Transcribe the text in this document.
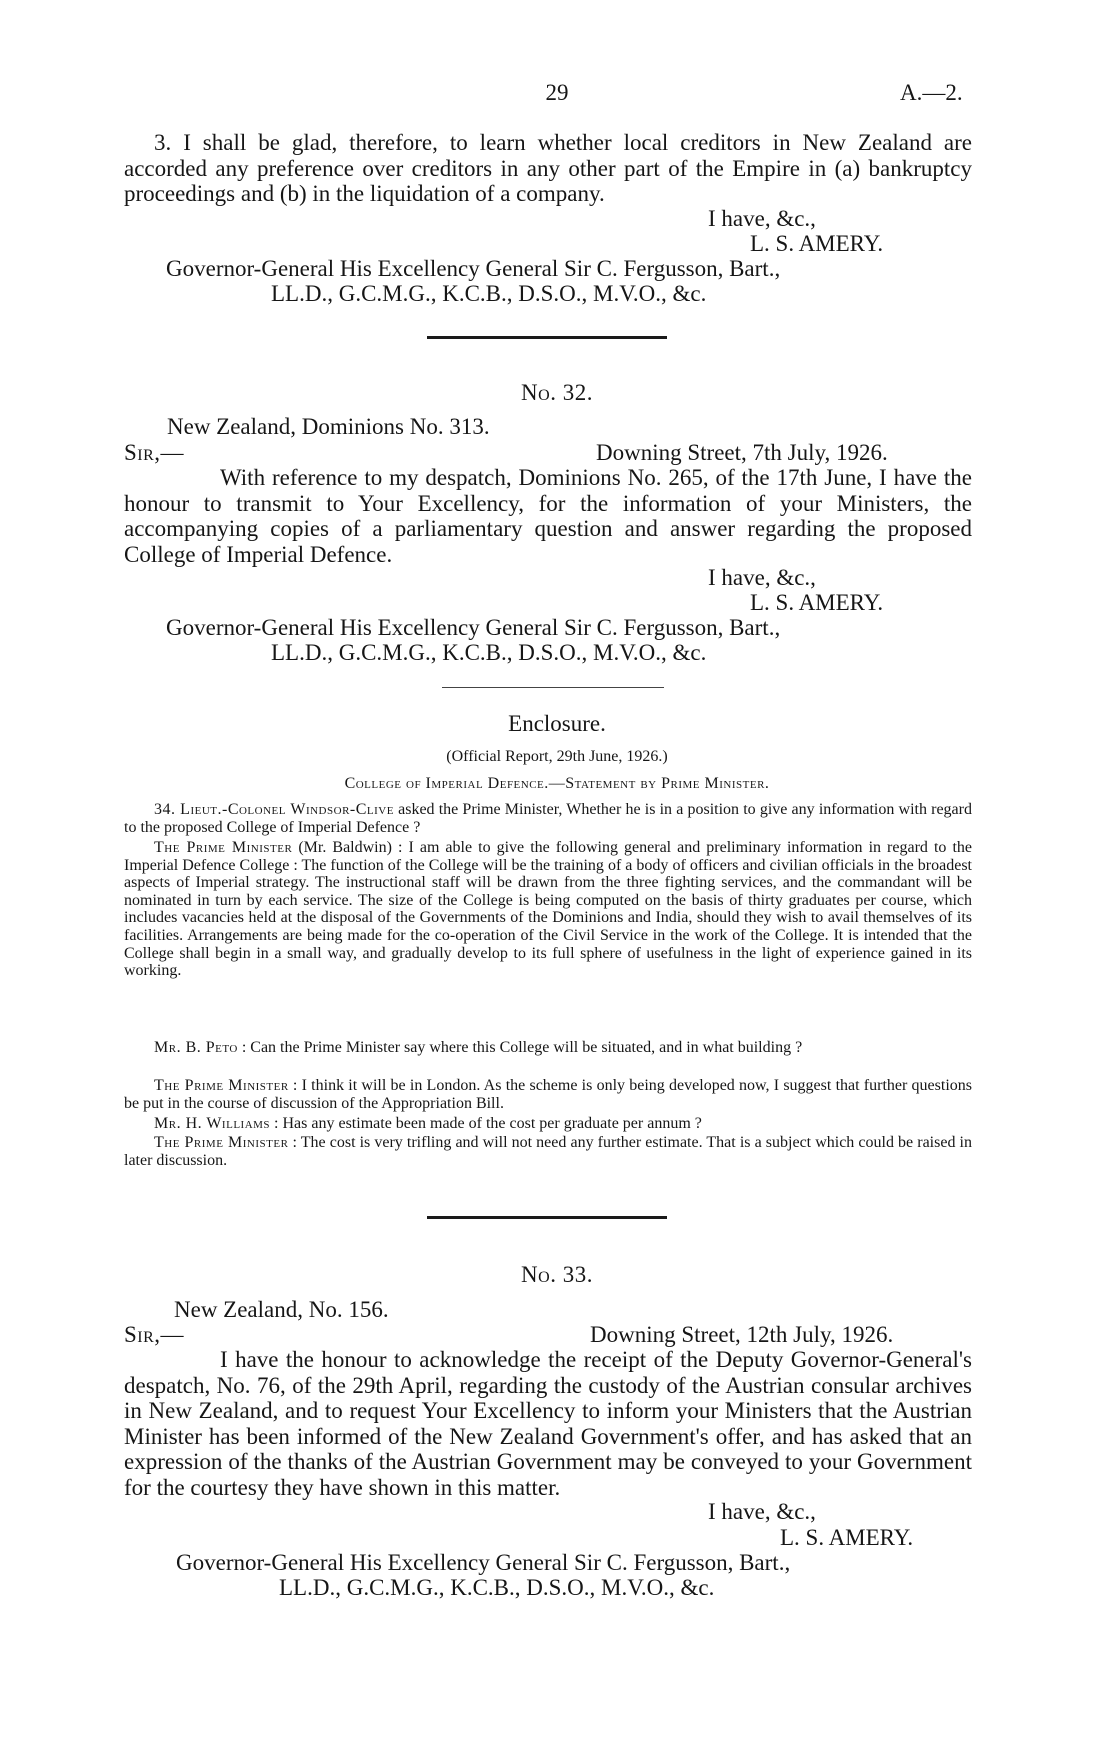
29	A.—2.
3. I shall be glad, therefore, to learn whether local creditors in New Zealand are accorded any preference over creditors in any other part of the Empire in (a) bankruptcy proceedings and (b) in the liquidation of a company.
I have, &c.,
L. S. AMERY.
Governor-General His Excellency General Sir C. Fergusson, Bart.,
LL.D., G.C.M.G., K.C.B., D.S.O., M.V.O., &c.
No. 32.
New Zealand, Dominions No. 313.
Sir,—	Downing Street, 7th July, 1926.
With reference to my despatch, Dominions No. 265, of the 17th June, I have the honour to transmit to Your Excellency, for the information of your Ministers, the accompanying copies of a parliamentary question and answer regarding the proposed College of Imperial Defence.
I have, &c.,
L. S. AMERY.
Governor-General His Excellency General Sir C. Fergusson, Bart.,
LL.D., G.C.M.G., K.C.B., D.S.O., M.V.O., &c.
Enclosure.
(Official Report, 29th June, 1926.)
College of Imperial Defence.—Statement by Prime Minister.
34. Lieut.-Colonel Windsor-Clive asked the Prime Minister, Whether he is in a position to give any information with regard to the proposed College of Imperial Defence ?
The Prime Minister (Mr. Baldwin) : I am able to give the following general and preliminary information in regard to the Imperial Defence College : The function of the College will be the training of a body of officers and civilian officials in the broadest aspects of Imperial strategy. The instructional staff will be drawn from the three fighting services, and the commandant will be nominated in turn by each service. The size of the College is being computed on the basis of thirty graduates per course, which includes vacancies held at the disposal of the Governments of the Dominions and India, should they wish to avail themselves of its facilities. Arrangements are being made for the co-operation of the Civil Service in the work of the College. It is intended that the College shall begin in a small way, and gradually develop to its full sphere of usefulness in the light of experience gained in its working.
Mr. B. Peto : Can the Prime Minister say where this College will be situated, and in what building ?
The Prime Minister : I think it will be in London. As the scheme is only being developed now, I suggest that further questions be put in the course of discussion of the Appropriation Bill.
Mr. H. Williams : Has any estimate been made of the cost per graduate per annum ?
The Prime Minister : The cost is very trifling and will not need any further estimate. That is a subject which could be raised in later discussion.
No. 33.
New Zealand, No. 156.
Sir,—	Downing Street, 12th July, 1926.
I have the honour to acknowledge the receipt of the Deputy Governor-General's despatch, No. 76, of the 29th April, regarding the custody of the Austrian consular archives in New Zealand, and to request Your Excellency to inform your Ministers that the Austrian Minister has been informed of the New Zealand Government's offer, and has asked that an expression of the thanks of the Austrian Government may be conveyed to your Government for the courtesy they have shown in this matter.
I have, &c.,
L. S. AMERY.
Governor-General His Excellency General Sir C. Fergusson, Bart.,
LL.D., G.C.M.G., K.C.B., D.S.O., M.V.O., &c.
